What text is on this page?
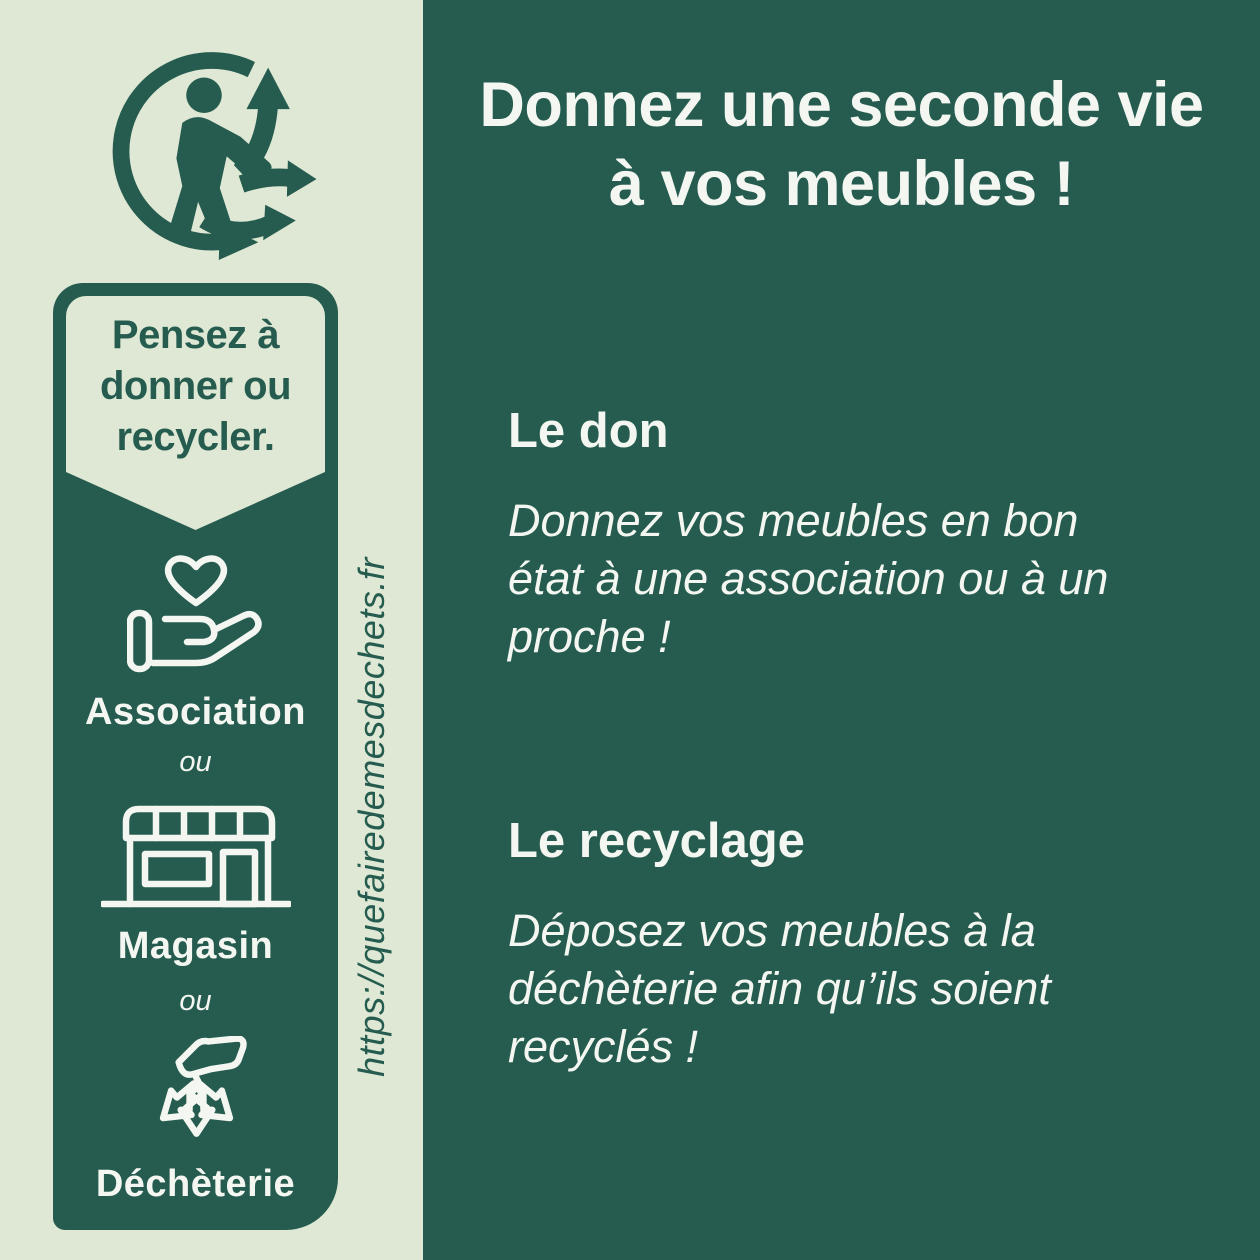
Pensez à
donner ou
recycler.
Association
ou
Magasin
ou
Déchèterie
https://quefairedemesdechets.fr
Donnez une seconde vie
à vos meubles !
Le don
Donnez vos meubles en bon
état à une association ou à un
proche !
Le recyclage
Déposez vos meubles à la
déchèterie afin qu’ils soient
recyclés !
